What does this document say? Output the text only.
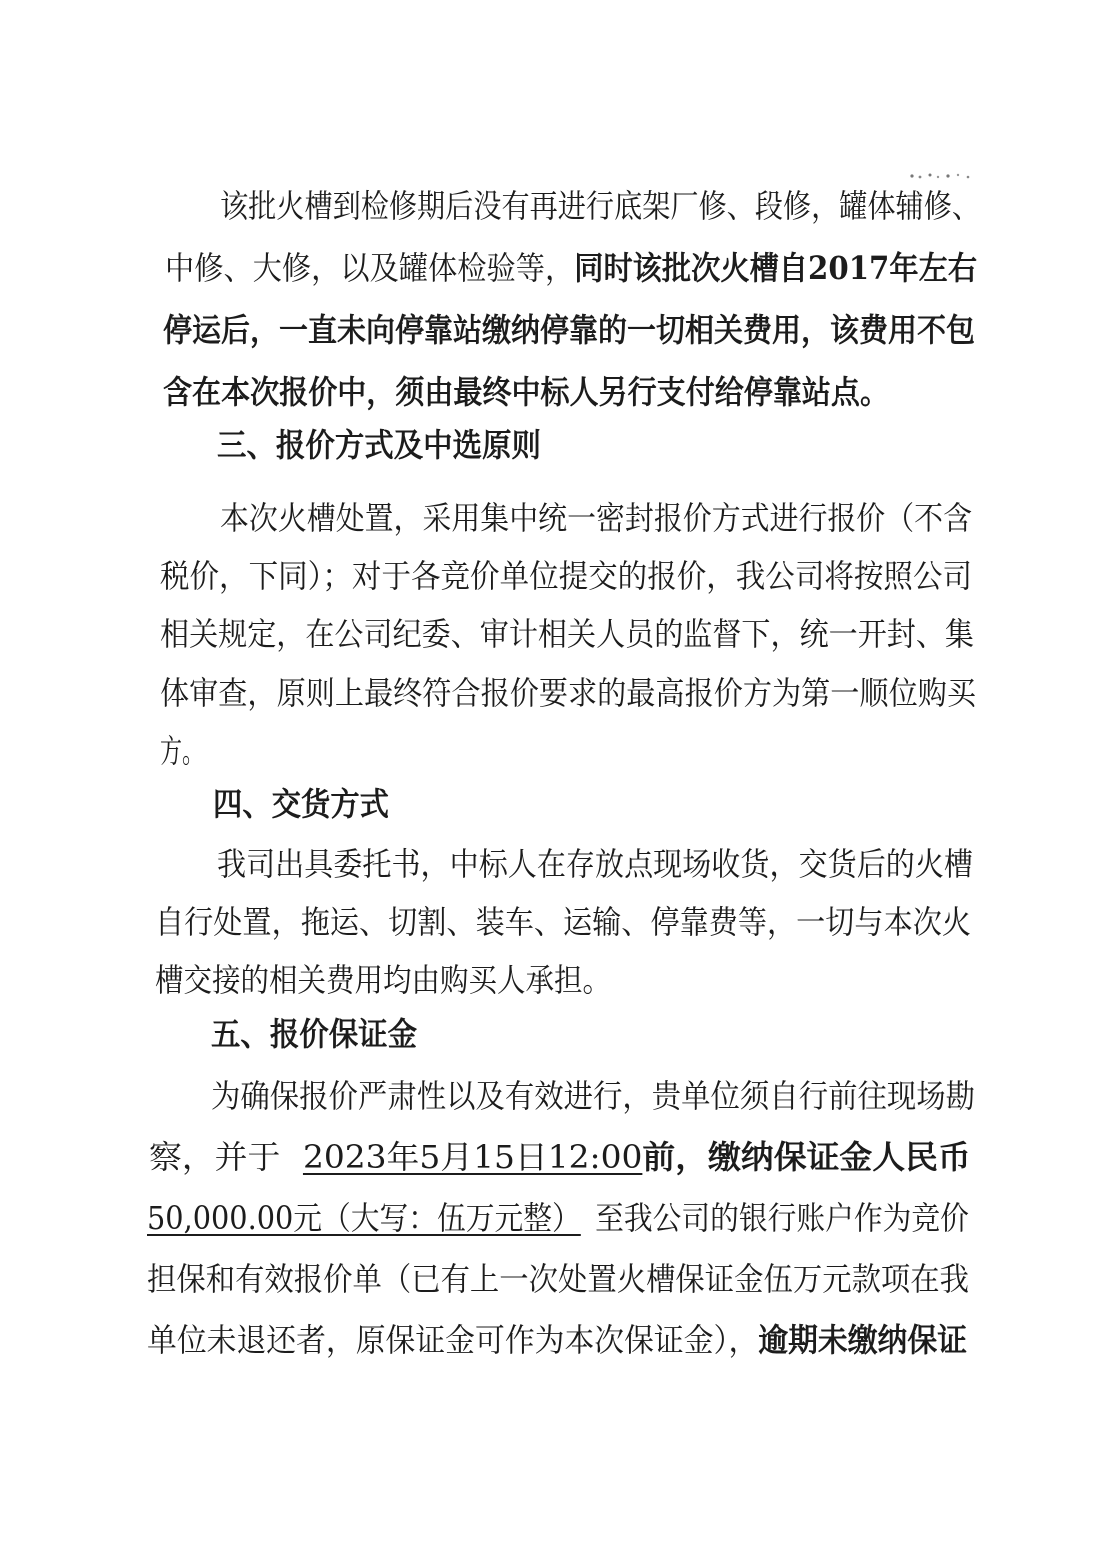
该批火槽到检修期后没有再进行底架厂修、段修，罐体辅修、
中修、大修，以及罐体检验等，同时该批次火槽自2017年左右
停运后，一直未向停靠站缴纳停靠的一切相关费用，该费用不包
含在本次报价中，须由最终中标人另行支付给停靠站点。
三、报价方式及中选原则
本次火槽处置，采用集中统一密封报价方式进行报价（不含
税价，下同）；对于各竞价单位提交的报价，我公司将按照公司
相关规定，在公司纪委、审计相关人员的监督下，统一开封、集
体审查，原则上最终符合报价要求的最高报价方为第一顺位购买
方。
四、交货方式
我司出具委托书，中标人在存放点现场收货，交货后的火槽
自行处置，拖运、切割、装车、运输、停靠费等，一切与本次火
槽交接的相关费用均由购买人承担。
五、报价保证金
为确保报价严肃性以及有效进行，贵单位须自行前往现场勘
察，并于 2023年5月15日12:00前，缴纳保证金人民币
50,000.00元（大写：伍万元整） 至我公司的银行账户作为竞价
担保和有效报价单（已有上一次处置火槽保证金伍万元款项在我
单位未退还者，原保证金可作为本次保证金），逾期未缴纳保证
